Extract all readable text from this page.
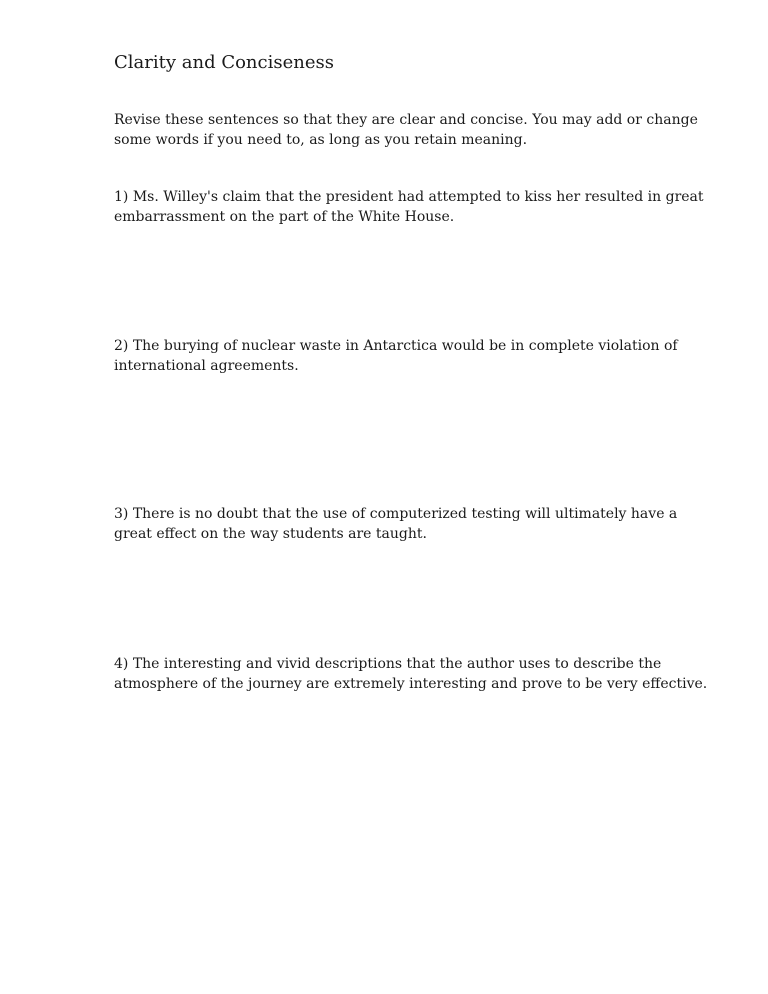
Clarity and Conciseness

Revise these sentences so that they are clear and concise. You may add or change
some words if you need to, as long as you retain meaning.

1) Ms. Willey's claim that the president had attempted to kiss her resulted in great
embarrassment on the part of the White House.

2) The burying of nuclear waste in Antarctica would be in complete violation of
international agreements.

3) There is no doubt that the use of computerized testing will ultimately have a
great effect on the way students are taught.

4) The interesting and vivid descriptions that the author uses to describe the
atmosphere of the journey are extremely interesting and prove to be very effective.
